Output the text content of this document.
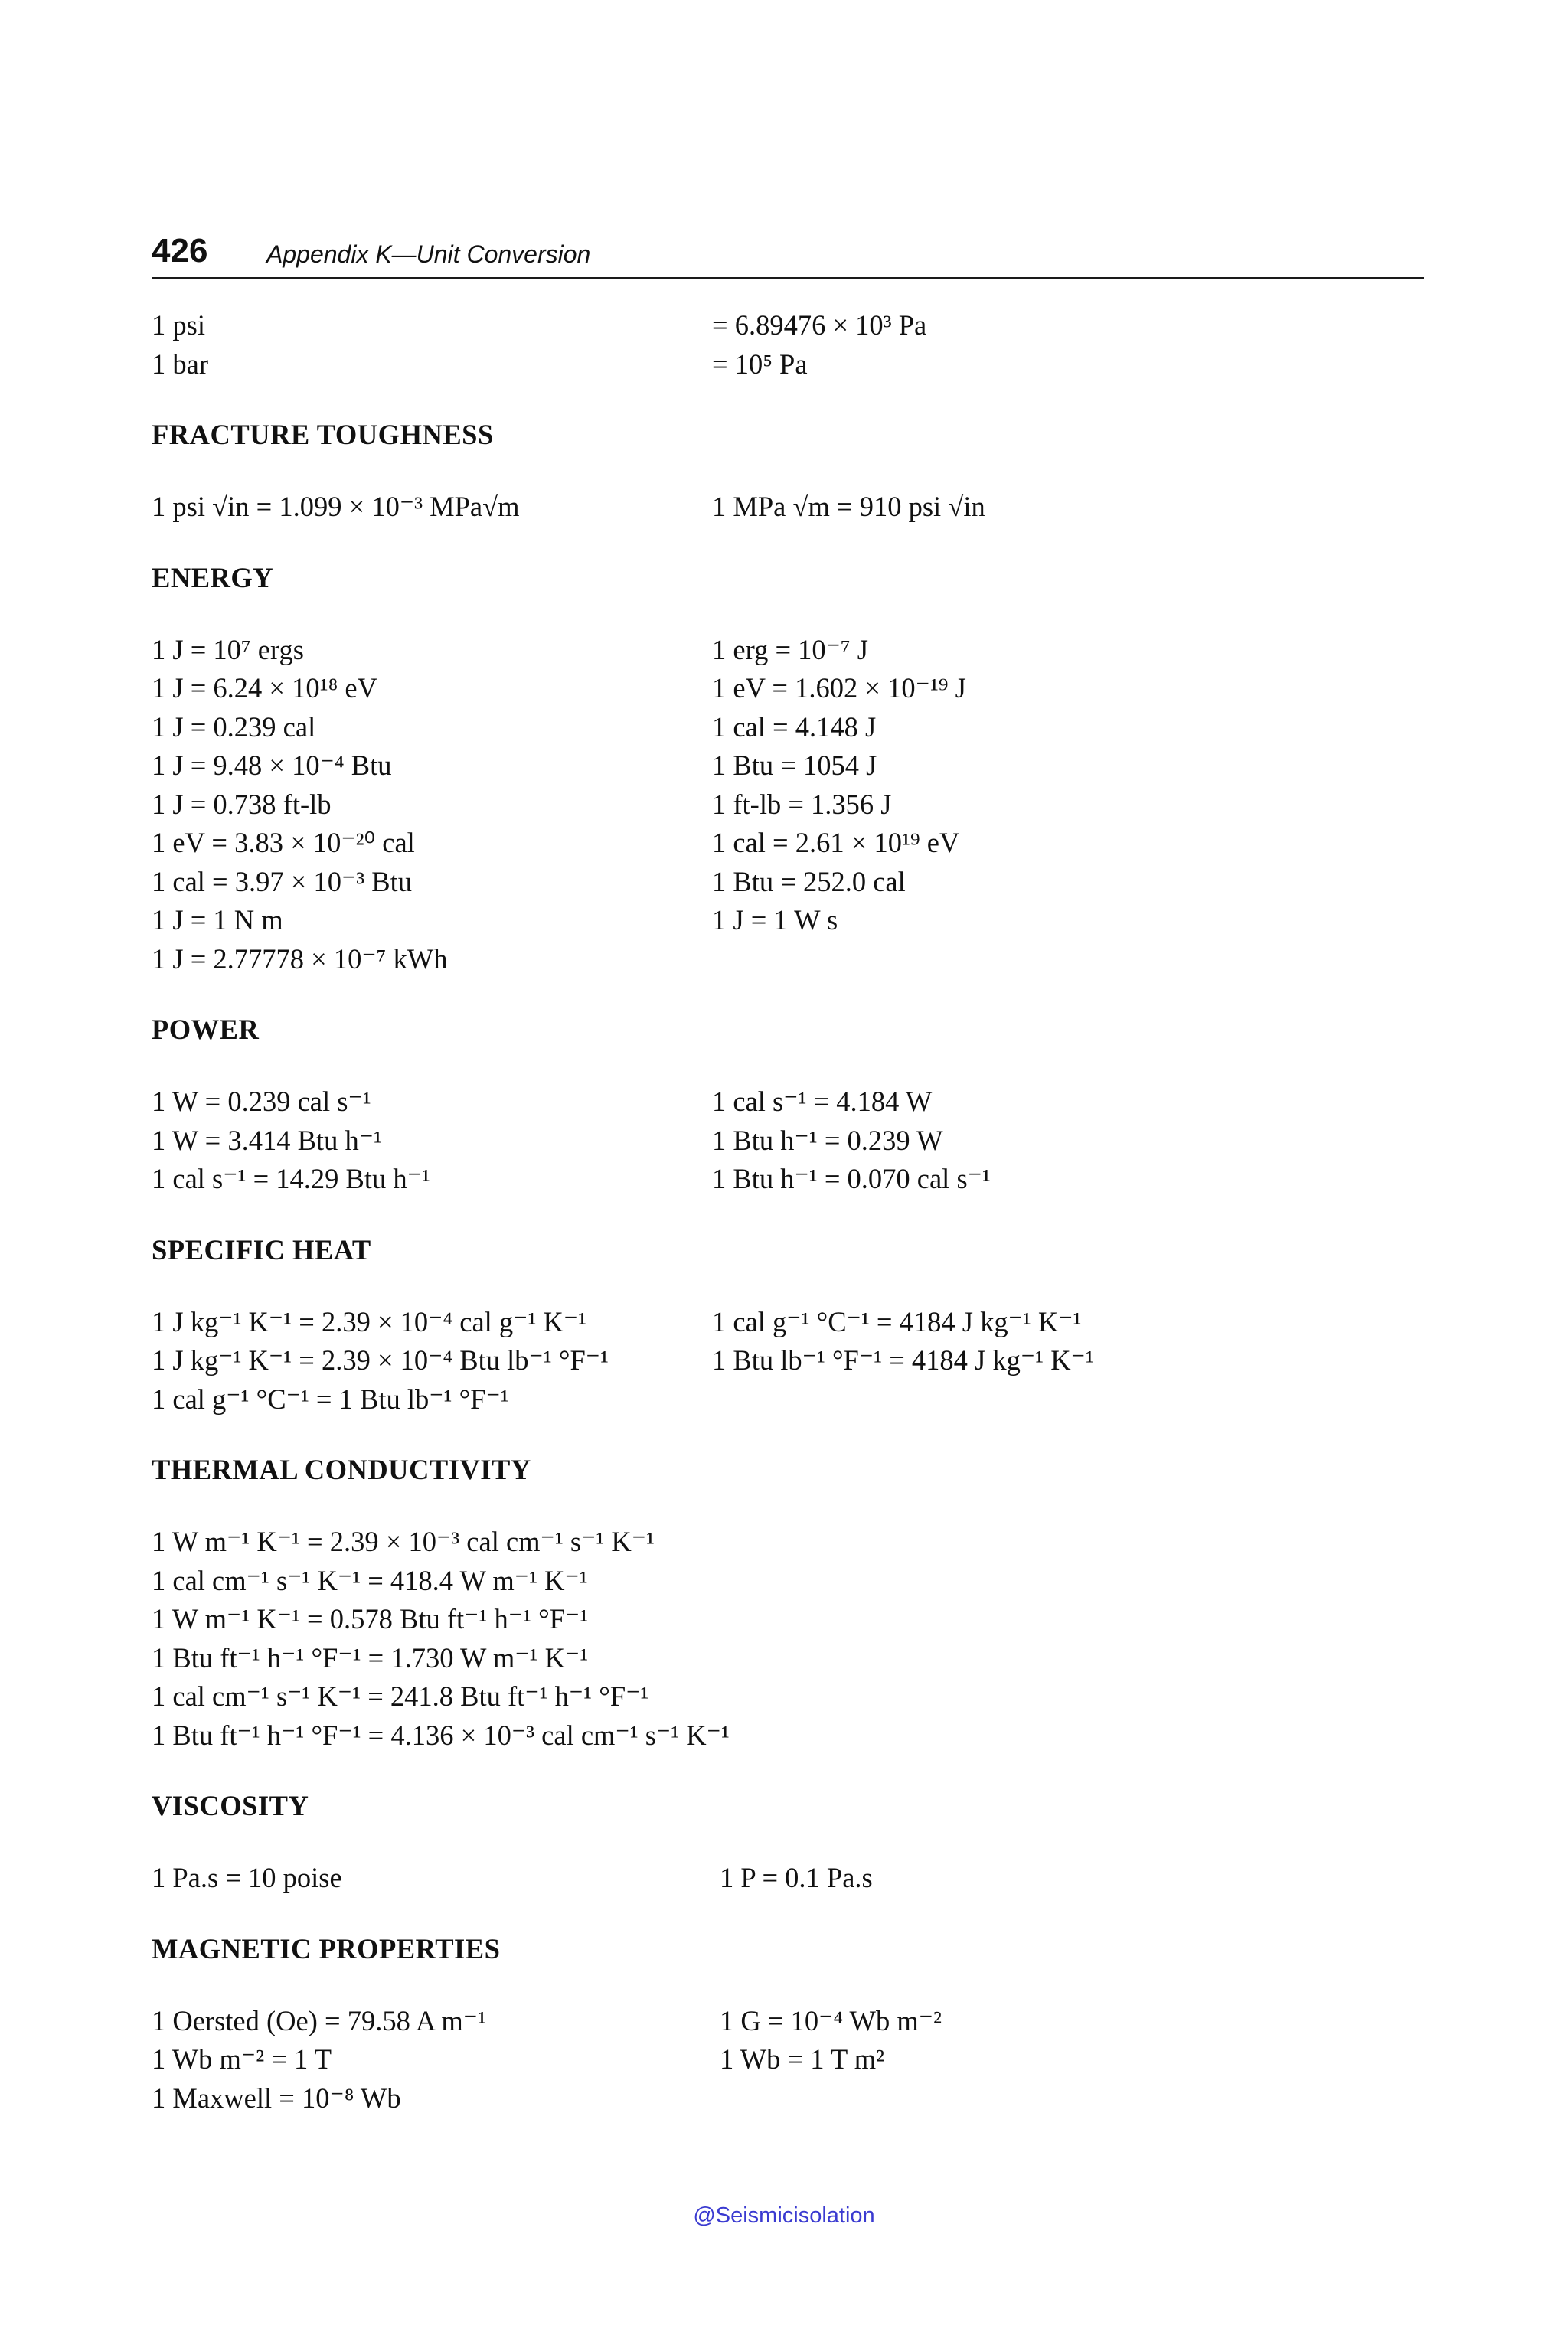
426 Appendix K—Unit Conversion
1 psi	= 6.89476 × 10³ Pa
1 bar	= 10⁵ Pa
FRACTURE TOUGHNESS
1 psi √in = 1.099 × 10⁻³ MPa√m	1 MPa √m = 910 psi √in
ENERGY
1 J = 10⁷ ergs	1 erg = 10⁻⁷ J
1 J = 6.24 × 10¹⁸ eV	1 eV = 1.602 × 10⁻¹⁹ J
1 J = 0.239 cal	1 cal = 4.148 J
1 J = 9.48 × 10⁻⁴ Btu	1 Btu = 1054 J
1 J = 0.738 ft-lb	1 ft-lb = 1.356 J
1 eV = 3.83 × 10⁻²⁰ cal	1 cal = 2.61 × 10¹⁹ eV
1 cal = 3.97 × 10⁻³ Btu	1 Btu = 252.0 cal
1 J = 1 N m	1 J = 1 W s
1 J = 2.77778 × 10⁻⁷ kWh
POWER
1 W = 0.239 cal s⁻¹	1 cal s⁻¹ = 4.184 W
1 W = 3.414 Btu h⁻¹	1 Btu h⁻¹ = 0.239 W
1 cal s⁻¹ = 14.29 Btu h⁻¹	1 Btu h⁻¹ = 0.070 cal s⁻¹
SPECIFIC HEAT
1 J kg⁻¹ K⁻¹ = 2.39 × 10⁻⁴ cal g⁻¹ K⁻¹	1 cal g⁻¹ °C⁻¹ = 4184 J kg⁻¹ K⁻¹
1 J kg⁻¹ K⁻¹ = 2.39 × 10⁻⁴ Btu lb⁻¹ °F⁻¹	1 Btu lb⁻¹ °F⁻¹ = 4184 J kg⁻¹ K⁻¹
1 cal g⁻¹ °C⁻¹ = 1 Btu lb⁻¹ °F⁻¹
THERMAL CONDUCTIVITY
1 W m⁻¹ K⁻¹ = 2.39 × 10⁻³ cal cm⁻¹ s⁻¹ K⁻¹
1 cal cm⁻¹ s⁻¹ K⁻¹ = 418.4 W m⁻¹ K⁻¹
1 W m⁻¹ K⁻¹ = 0.578 Btu ft⁻¹ h⁻¹ °F⁻¹
1 Btu ft⁻¹ h⁻¹ °F⁻¹ = 1.730 W m⁻¹ K⁻¹
1 cal cm⁻¹ s⁻¹ K⁻¹ = 241.8 Btu ft⁻¹ h⁻¹ °F⁻¹
1 Btu ft⁻¹ h⁻¹ °F⁻¹ = 4.136 × 10⁻³ cal cm⁻¹ s⁻¹ K⁻¹
VISCOSITY
1 Pa.s = 10 poise	1 P = 0.1 Pa.s
MAGNETIC PROPERTIES
1 Oersted (Oe) = 79.58 A m⁻¹	1 G = 10⁻⁴ Wb m⁻²
1 Wb m⁻² = 1 T	1 Wb = 1 T m²
1 Maxwell = 10⁻⁸ Wb
@Seismicisolation
